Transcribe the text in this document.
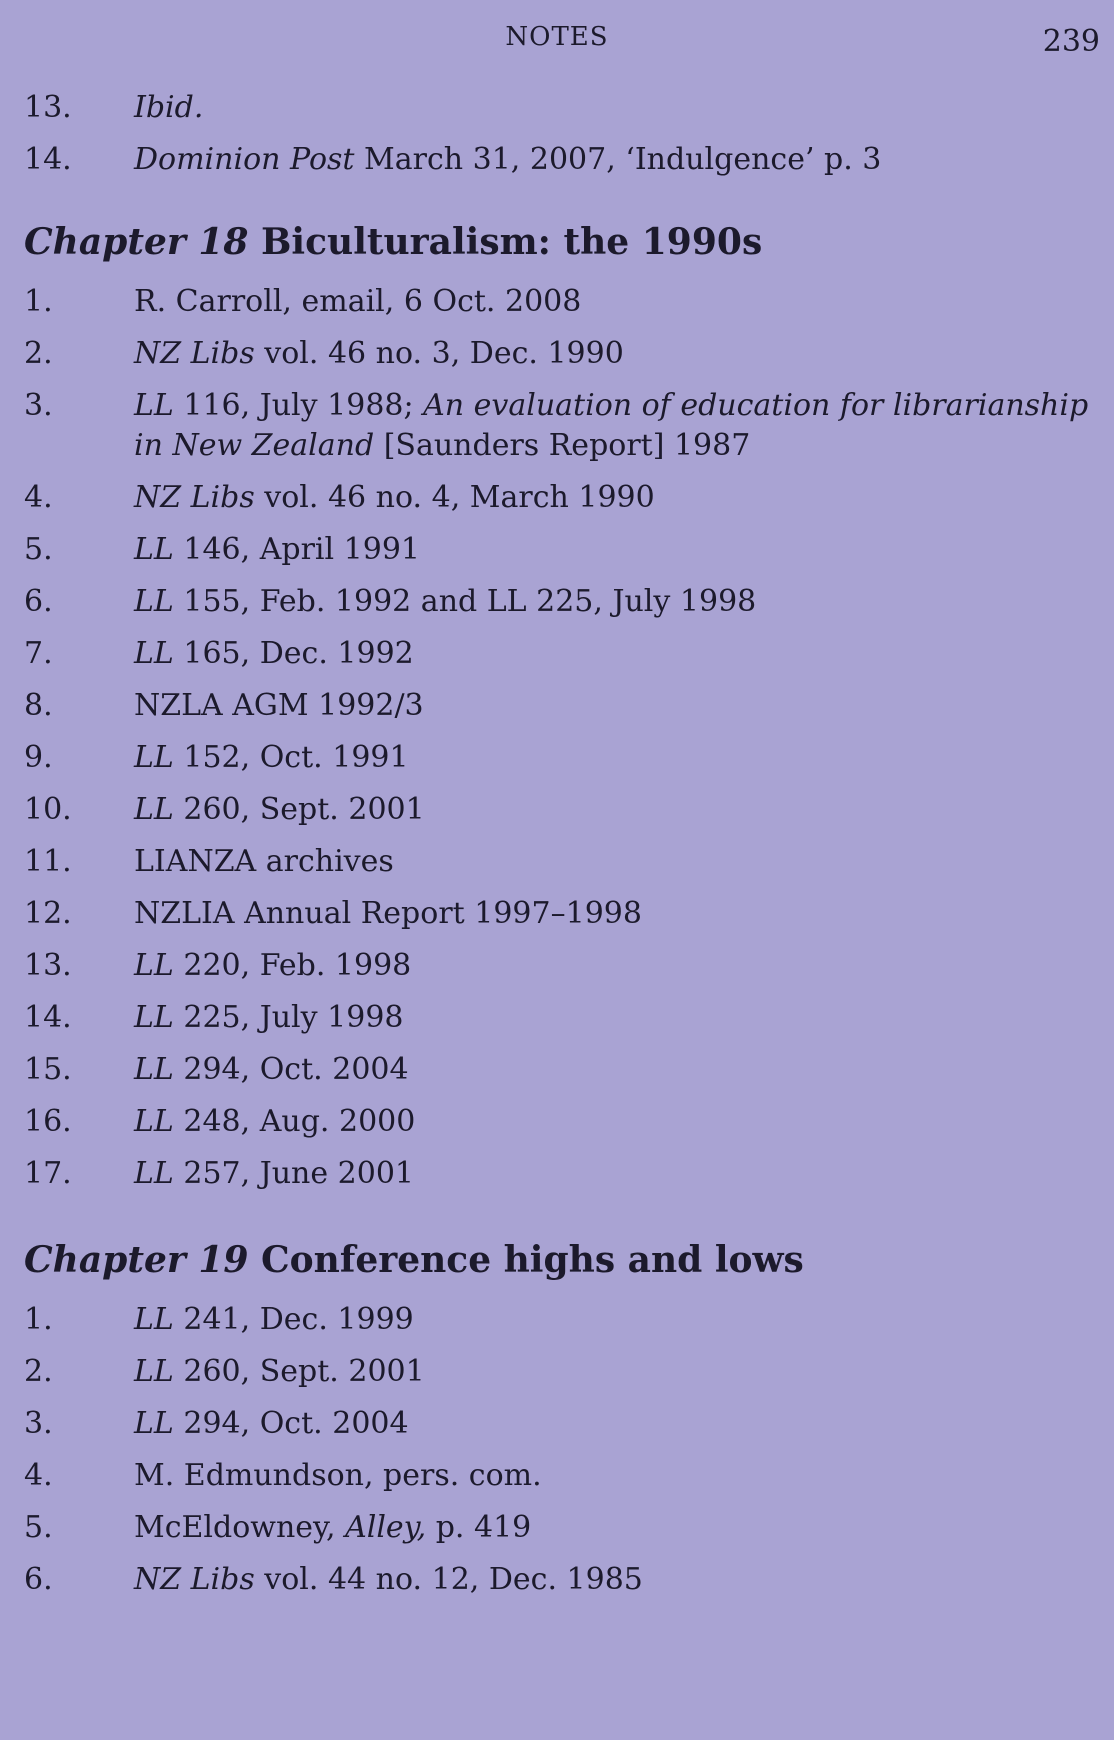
NOTES	239
13.	Ibid.
14.	Dominion Post March 31, 2007, ‘Indulgence’ p. 3
Chapter 18 Biculturalism: the 1990s
1.	R. Carroll, email, 6 Oct. 2008
2.	NZ Libs vol. 46 no. 3, Dec. 1990
3.	LL 116, July 1988; An evaluation of education for librarianship in New Zealand [Saunders Report] 1987
4.	NZ Libs vol. 46 no. 4, March 1990
5.	LL 146, April 1991
6.	LL 155, Feb. 1992 and LL 225, July 1998
7.	LL 165, Dec. 1992
8.	NZLA AGM 1992/3
9.	LL 152, Oct. 1991
10.	LL 260, Sept. 2001
11.	LIANZA archives
12.	NZLIA Annual Report 1997–1998
13.	LL 220, Feb. 1998
14.	LL 225, July 1998
15.	LL 294, Oct. 2004
16.	LL 248, Aug. 2000
17.	LL 257, June 2001
Chapter 19 Conference highs and lows
1.	LL 241, Dec. 1999
2.	LL 260, Sept. 2001
3.	LL 294, Oct. 2004
4.	M. Edmundson, pers. com.
5.	McEldowney, Alley, p. 419
6.	NZ Libs vol. 44 no. 12, Dec. 1985
